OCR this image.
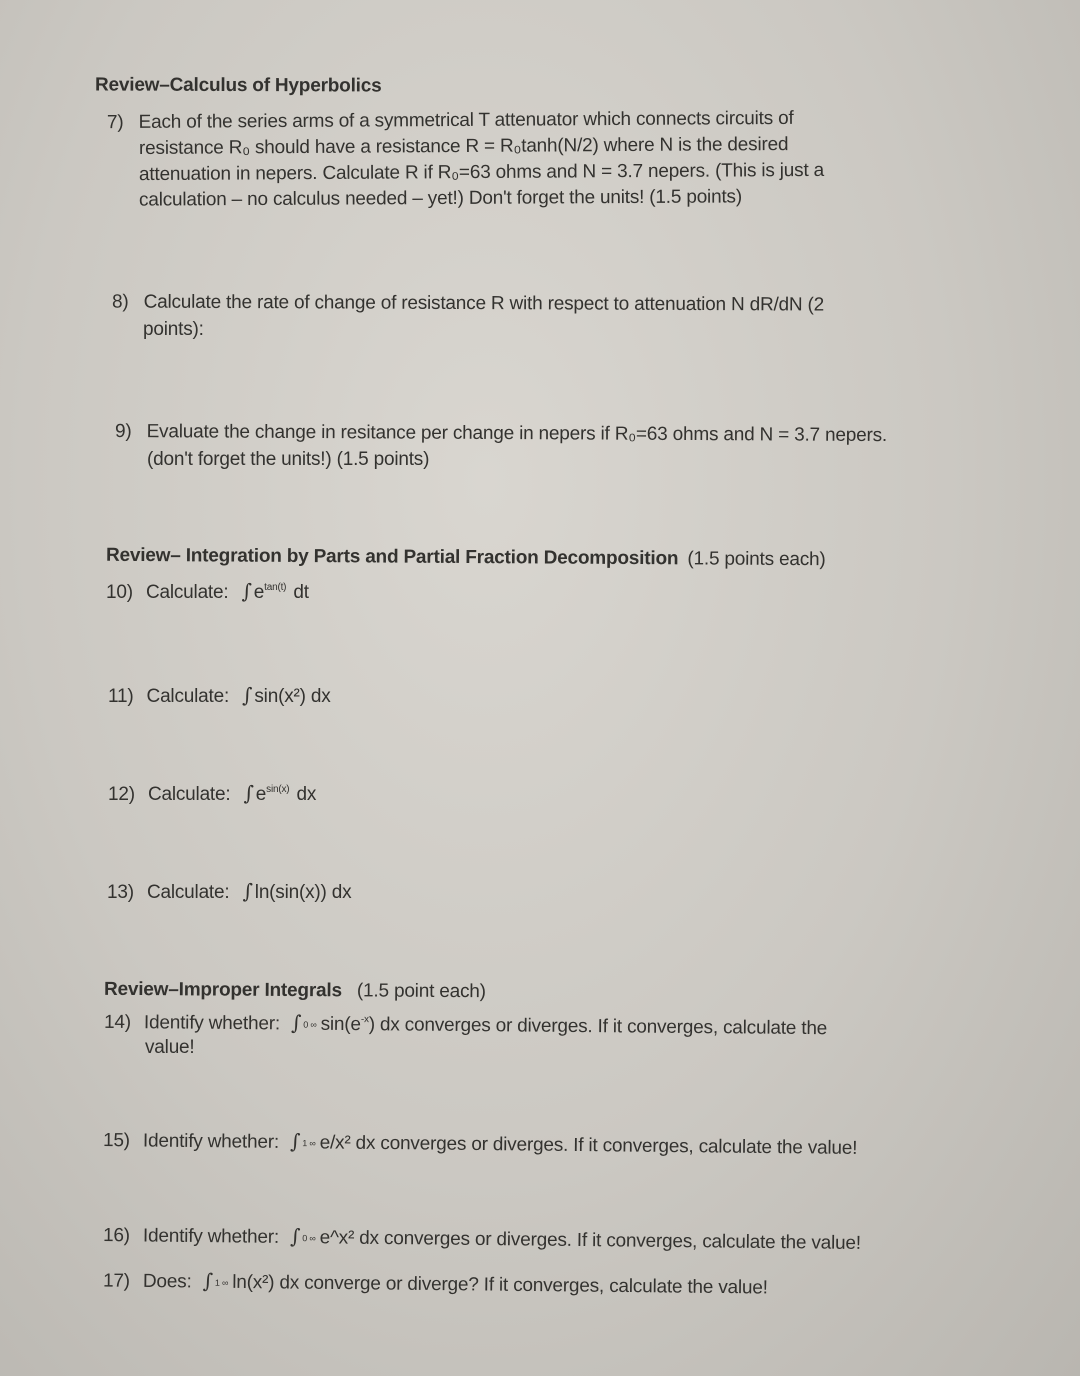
Review–Calculus of Hyperbolics
7) Each of the series arms of a symmetrical T attenuator which connects circuits of
resistance R₀ should have a resistance R = R₀tanh(N/2) where N is the desired
attenuation in nepers. Calculate R if R₀=63 ohms and N = 3.7 nepers. (This is just a
calculation – no calculus needed – yet!) Don't forget the units! (1.5 points)
8) Calculate the rate of change of resistance R with respect to attenuation N dR/dN (2
points):
9) Evaluate the change in resitance per change in nepers if R₀=63 ohms and N = 3.7 nepers.
(don't forget the units!) (1.5 points)
Review– Integration by Parts and Partial Fraction Decomposition (1.5 points each)
10) Calculate: ∫ $e^{tan(t)}$ dt
11) Calculate: ∫ sin(x²) dx
12) Calculate: ∫ $e^{sin(x)}$ dx
13) Calculate: ∫ ln(sin(x)) dx
Review–Improper Integrals (1.5 point each)
14) Identify whether: ∫ 0 ∞ $\sin(e^{-x})$ dx converges or diverges. If it converges, calculate the
value!
15) Identify whether: ∫ 1 ∞ e/x² dx converges or diverges. If it converges, calculate the value!
16) Identify whether: ∫ 0 ∞ e^x² dx converges or diverges. If it converges, calculate the value!
17) Does: ∫ 1 ∞ ln(x²) dx converge or diverge? If it converges, calculate the value!
